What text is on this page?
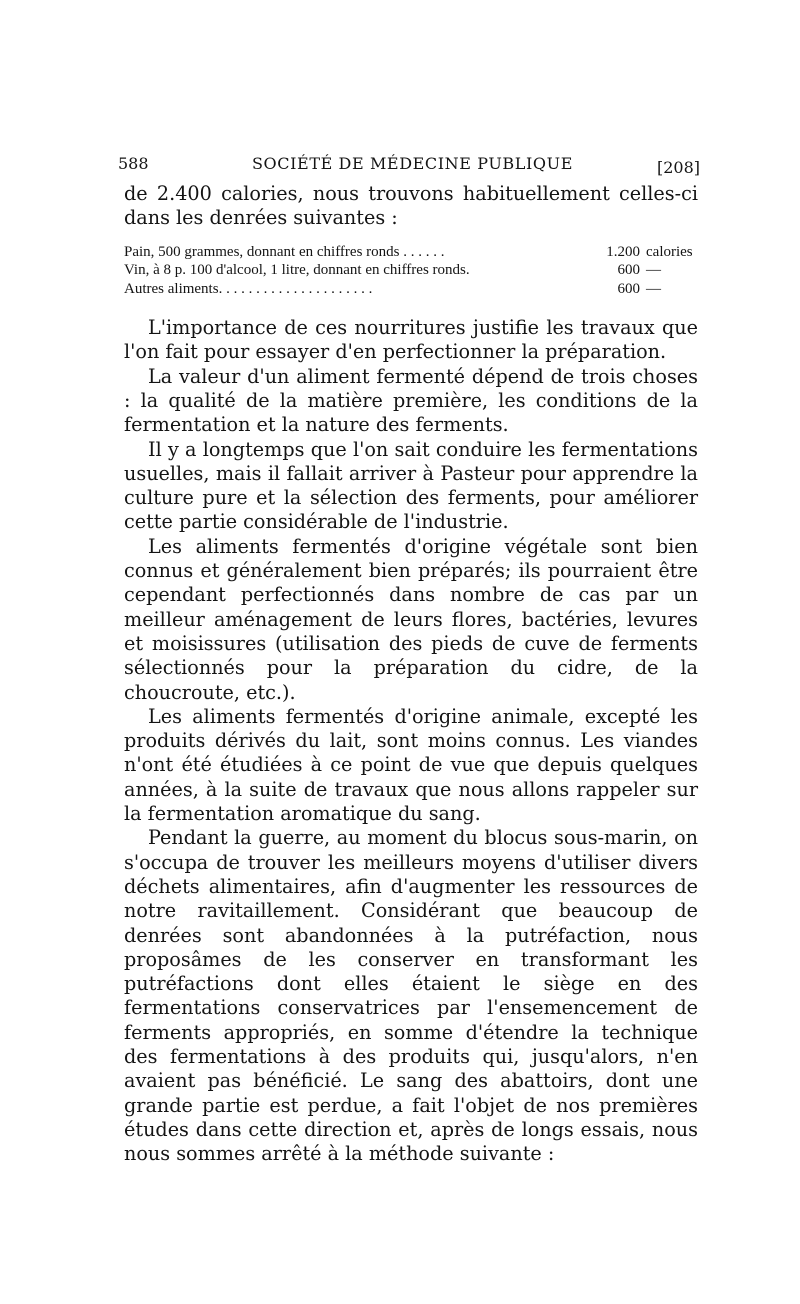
588	SOCIÉTÉ DE MÉDECINE PUBLIQUE	[208]

de 2.400 calories, nous trouvons habituellement celles-ci dans les denrées suivantes :

Pain, 500 grammes, donnant en chiffres ronds . . . . . .	1.200 calories
Vin, à 8 p. 100 d'alcool, 1 litre, donnant en chiffres ronds.	600 —
Autres aliments. . . . . . . . . . . . . . . . . . . . .	600 —

L'importance de ces nourritures justifie les travaux que l'on fait pour essayer d'en perfectionner la préparation.

La valeur d'un aliment fermenté dépend de trois choses : la qualité de la matière première, les conditions de la fermentation et la nature des ferments.

Il y a longtemps que l'on sait conduire les fermentations usuelles, mais il fallait arriver à Pasteur pour apprendre la culture pure et la sélection des ferments, pour améliorer cette partie considérable de l'industrie.

Les aliments fermentés d'origine végétale sont bien connus et généralement bien préparés; ils pourraient être cependant perfectionnés dans nombre de cas par un meilleur aménagement de leurs flores, bactéries, levures et moisissures (utilisation des pieds de cuve de ferments sélectionnés pour la préparation du cidre, de la choucroute, etc.).

Les aliments fermentés d'origine animale, excepté les produits dérivés du lait, sont moins connus. Les viandes n'ont été étudiées à ce point de vue que depuis quelques années, à la suite de travaux que nous allons rappeler sur la fermentation aromatique du sang.

Pendant la guerre, au moment du blocus sous-marin, on s'occupa de trouver les meilleurs moyens d'utiliser divers déchets alimentaires, afin d'augmenter les ressources de notre ravitaillement. Considérant que beaucoup de denrées sont abandonnées à la putréfaction, nous proposâmes de les conserver en transformant les putréfactions dont elles étaient le siège en des fermentations conservatrices par l'ensemencement de ferments appropriés, en somme d'étendre la technique des fermentations à des produits qui, jusqu'alors, n'en avaient pas bénéficié. Le sang des abattoirs, dont une grande partie est perdue, a fait l'objet de nos premières études dans cette direction et, après de longs essais, nous nous sommes arrêté à la méthode suivante :
